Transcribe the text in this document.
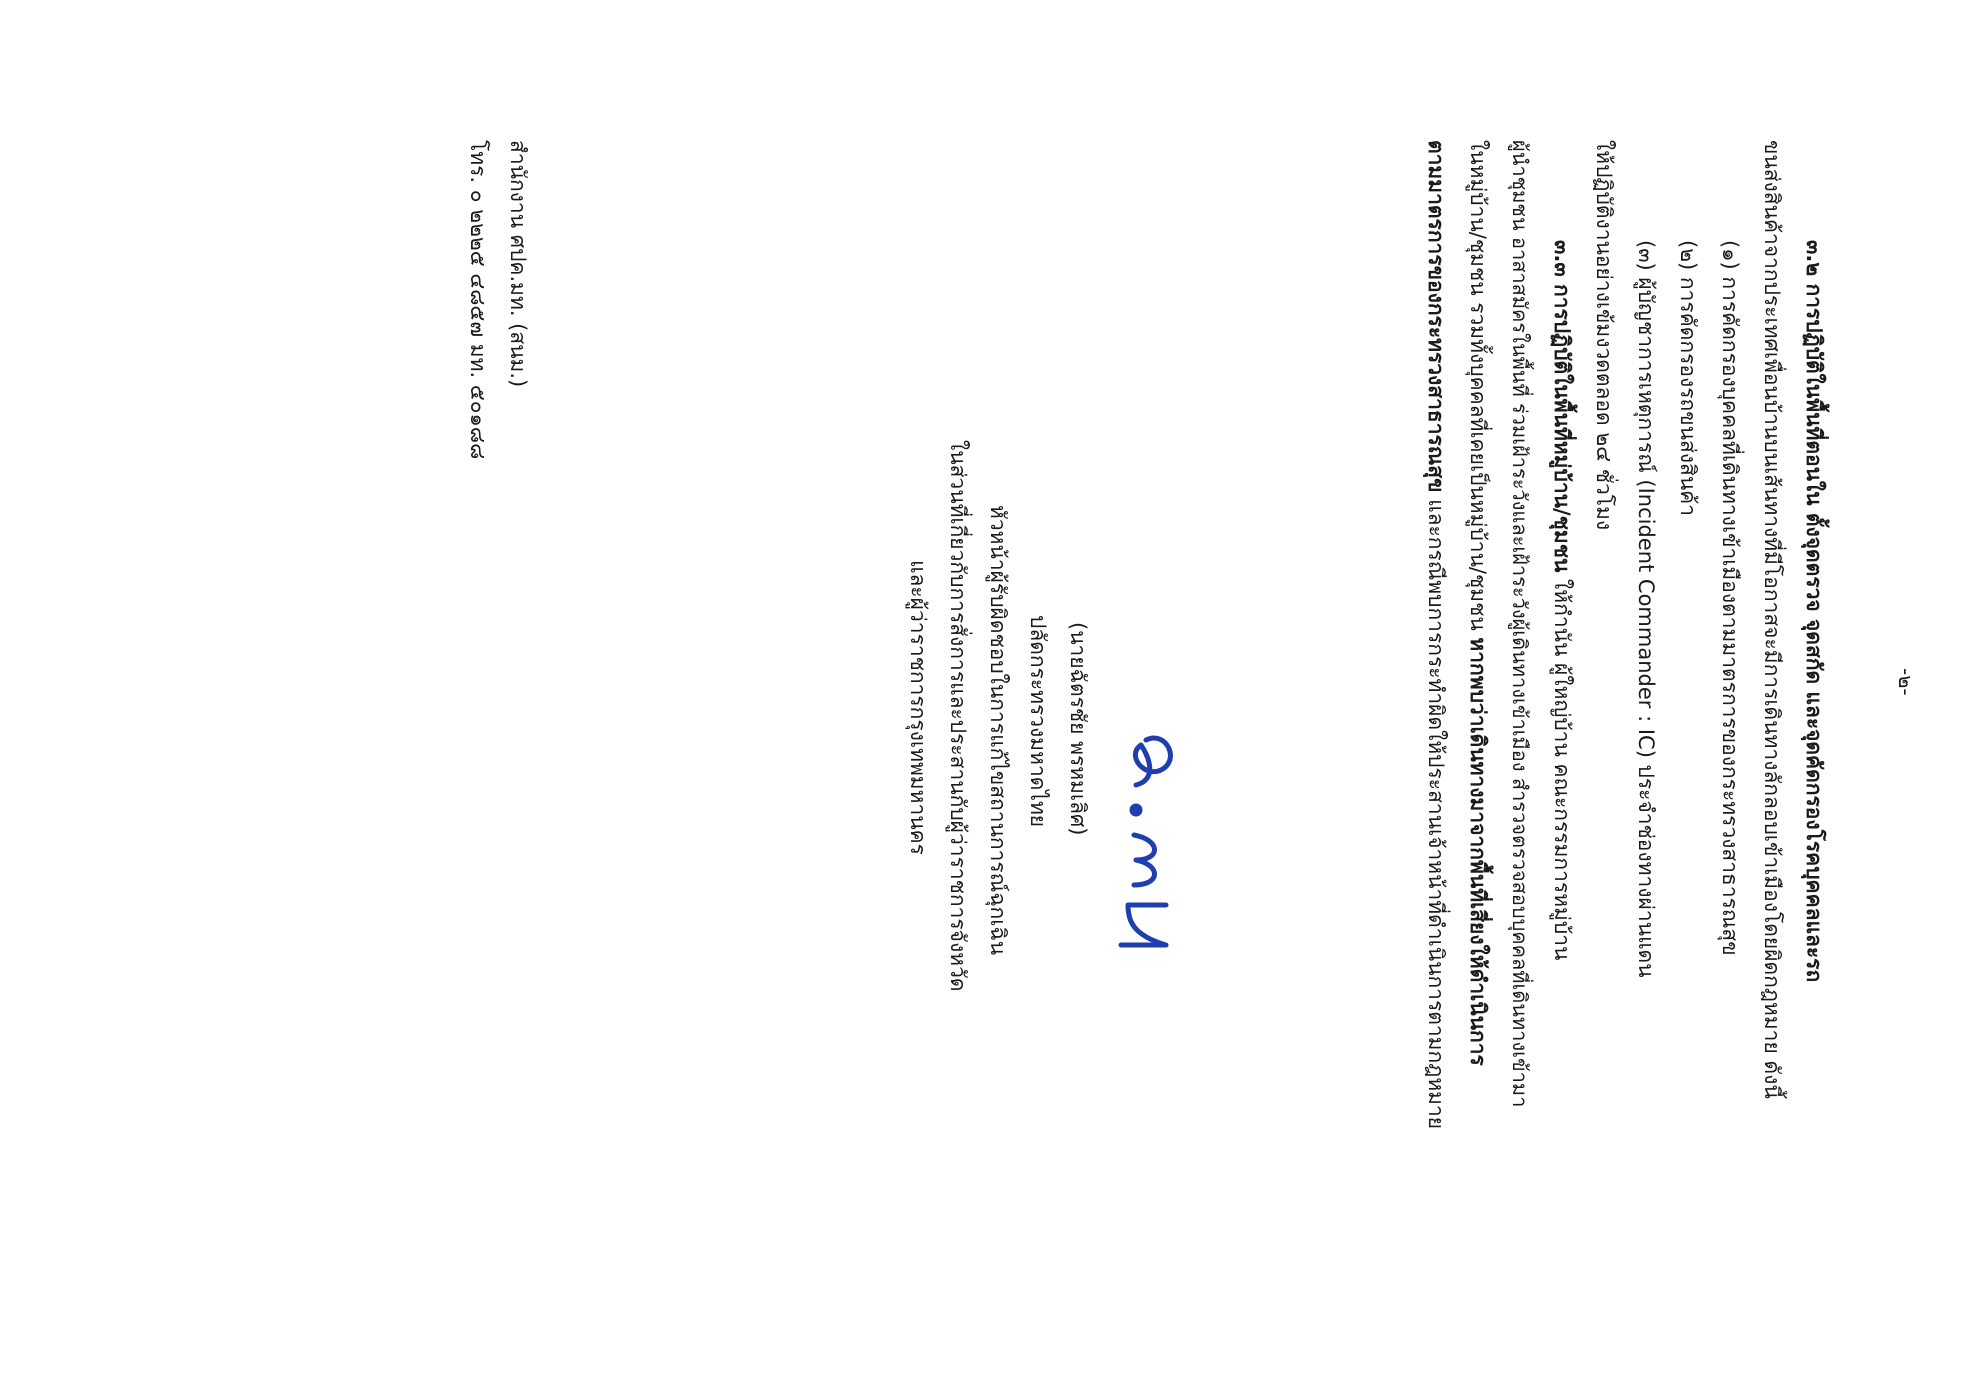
-๒-
๓.๒ การปฏิบัติในพื้นที่ตอนใน ตั้งจุดตรวจ จุดสกัด และจุดคัดกรองโรคบุคคลและรถ
ขนส่งสินค้าจากประเทศเพื่อนบ้านบนเส้นทางที่มีโอกาสจะมีการเดินทางลักลอบเข้าเมืองโดยผิดกฎหมาย ดังนี้
(๑) การคัดกรองบุคคลที่เดินทางเข้าเมืองตามมาตรการของกระทรวงสาธารณสุข
(๒) การคัดกรองรถขนส่งสินค้า
(๓) ผู้บัญชาการเหตุการณ์ (Incident Commander : IC) ประจำช่องทางผ่านแดน
ให้ปฏิบัติงานอย่างเข้มงวดตลอด ๒๔ ชั่วโมง
๓.๓ การปฏิบัติในพื้นที่หมู่บ้าน/ชุมชน ให้กำนัน ผู้ใหญ่บ้าน คณะกรรมการหมู่บ้าน
ผู้นำชุมชน อาสาสมัครในพื้นที่ ร่วมเฝ้าระวังและเฝ้าระวังผู้เดินทางเข้าเมือง สำรวจตรวจสอบบุคคลที่เดินทางเข้ามา
ในหมู่บ้าน/ชุมชน รวมทั้งบุคคลที่เคยเป็นหมู่บ้าน/ชุมชน หากพบว่าเดินทางมาจากพื้นที่เสี่ยงให้ดำเนินการ
ตามมาตรการของกระทรวงสาธารณสุข และกรณีพบการกระทำผิดให้ประสานเจ้าหน้าที่ดำเนินการตามกฎหมาย
(นายฉัตรชัย พรหมเลิศ)
ปลัดกระทรวงมหาดไทย
หัวหน้าผู้รับผิดชอบในการแก้ไขสถานการณ์ฉุกเฉิน
ในส่วนที่เกี่ยวกับการสั่งการและประสานกับผู้ว่าราชการจังหวัด
และผู้ว่าราชการกรุงเทพมหานคร
สำนักงาน ศปค.มท. (สนม.)
โทร. ๐ ๒๒๒๕ ๔๘๕๗ มท. ๕๐๑๘๘
